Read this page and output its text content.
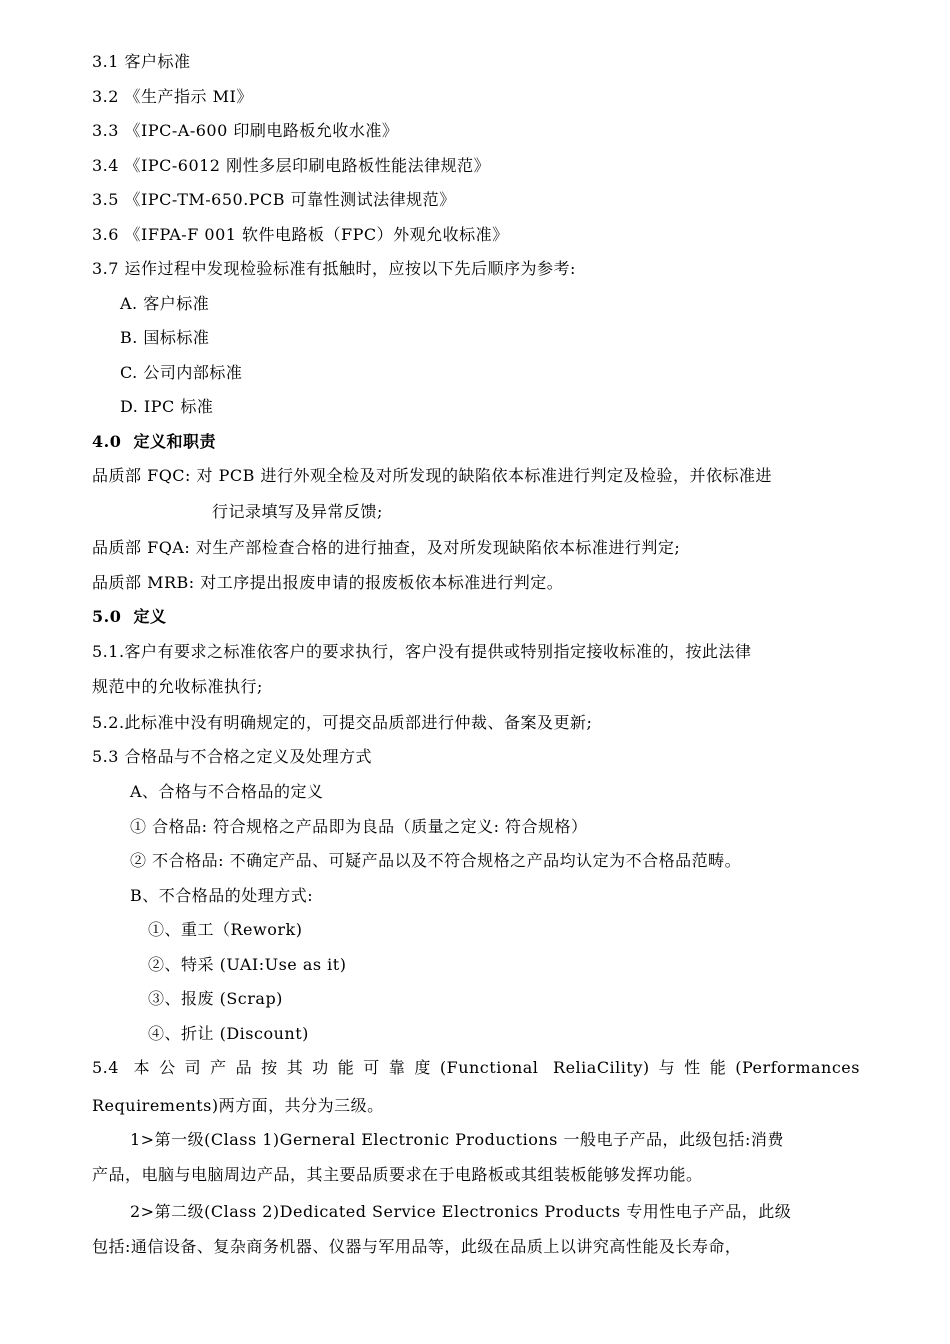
3.1 客户标准
3.2 《生产指示 MI》
3.3 《IPC-A-600 印刷电路板允收水准》
3.4 《IPC-6012 刚性多层印刷电路板性能法律规范》
3.5 《IPC-TM-650.PCB 可靠性测试法律规范》
3.6 《IFPA-F 001 软件电路板（FPC）外观允收标准》
3.7 运作过程中发现检验标准有抵触时，应按以下先后顺序为参考:
A. 客户标准
B. 国标标准
C. 公司内部标准
D. IPC 标准
4.0  定义和职责
品质部 FQC: 对 PCB 进行外观全检及对所发现的缺陷依本标准进行判定及检验，并依标准进
行记录填写及异常反馈;
品质部 FQA: 对生产部检查合格的进行抽查，及对所发现缺陷依本标准进行判定;
品质部 MRB: 对工序提出报废申请的报废板依本标准进行判定。
5.0  定义
5.1.客户有要求之标准依客户的要求执行，客户没有提供或特别指定接收标准的，按此法律
规范中的允收标准执行;
5.2.此标准中没有明确规定的，可提交品质部进行仲裁、备案及更新;
5.3 合格品与不合格之定义及处理方式
A、合格与不合格品的定义
① 合格品: 符合规格之产品即为良品（质量之定义: 符合规格）
② 不合格品: 不确定产品、可疑产品以及不符合规格之产品均认定为不合格品范畴。
B、不合格品的处理方式:
①、重工（Rework)
②、特采 (UAI:Use as it)
③、报废 (Scrap)
④、折让 (Discount)
5.4 本公司产品按其功能可靠度(Functional ReliaCility)与性能(Performances
Requirements)两方面，共分为三级。
1>第一级(Class 1)Gerneral Electronic Productions 一般电子产品，此级包括:消费
产品，电脑与电脑周边产品，其主要品质要求在于电路板或其组装板能够发挥功能。
2>第二级(Class 2)Dedicated Service Electronics Products 专用性电子产品，此级
包括:通信设备、复杂商务机器、仪器与军用品等，此级在品质上以讲究高性能及长寿命，
